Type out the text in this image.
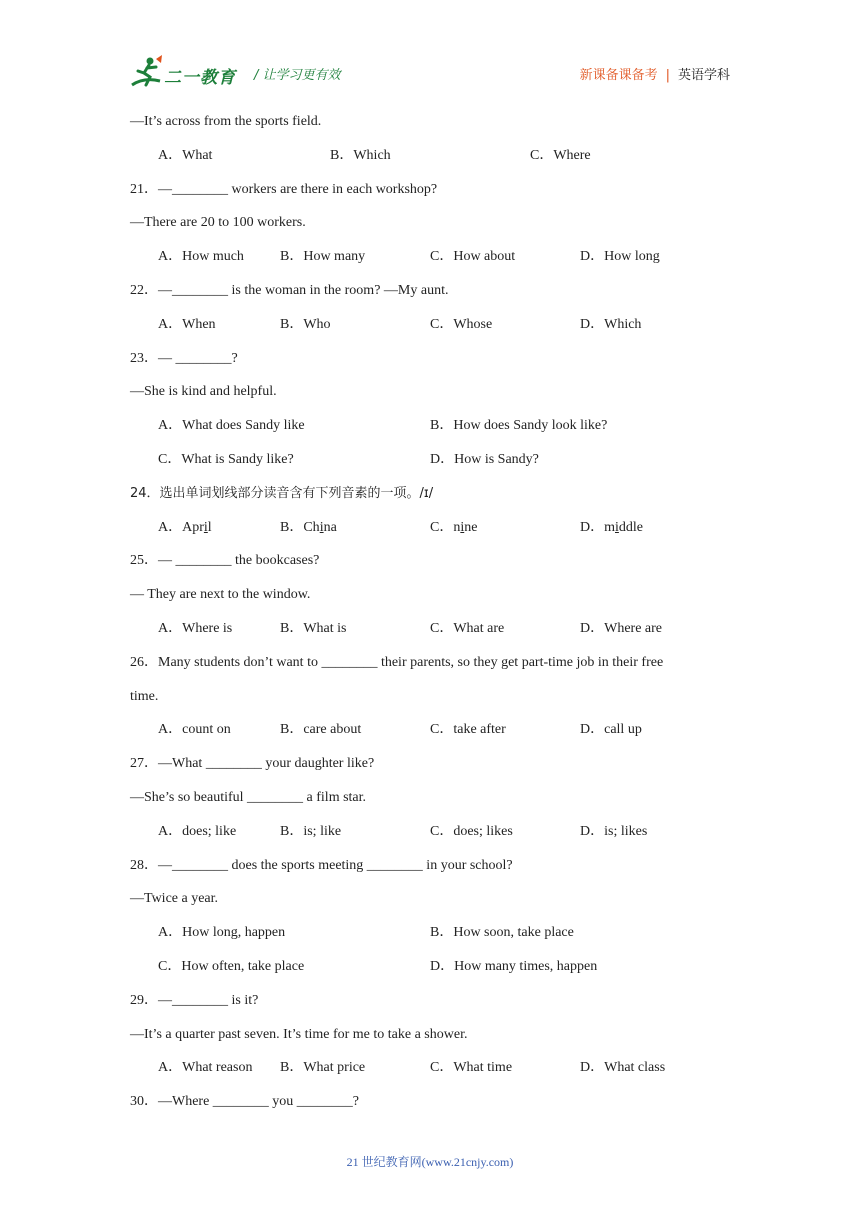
二一教育 / 让学习更有效	新课备课备考 | 英语学科
—It’s across from the sports field.
A．What	B．Which	C．Where
21．—________ workers are there in each workshop?
—There are 20 to 100 workers.
A．How much	B．How many	C．How about	D．How long
22．—________ is the woman in the room? —My aunt.
A．When	B．Who	C．Whose	D．Which
23．— ________?
—She is kind and helpful.
A．What does Sandy like	B．How does Sandy look like?
C．What is Sandy like?	D．How is Sandy?
24．选出单词划线部分读音含有下列音素的一项。/ɪ/
A．April	B．China	C．nine	D．middle
25．— ________ the bookcases?
— They are next to the window.
A．Where is	B．What is	C．What are	D．Where are
26．Many students don’t want to ________ their parents, so they get part-time job in their free
time.
A．count on	B．care about	C．take after	D．call up
27．—What ________ your daughter like?
—She’s so beautiful ________ a film star.
A．does; like	B．is; like	C．does; likes	D．is; likes
28．—________ does the sports meeting ________ in your school?
—Twice a year.
A．How long, happen	B．How soon, take place
C．How often, take place	D．How many times, happen
29．—________ is it?
—It’s a quarter past seven. It’s time for me to take a shower.
A．What reason B．What price	C．What time	D．What class
30．—Where ________ you ________?
21 世纪教育网(www.21cnjy.com)
